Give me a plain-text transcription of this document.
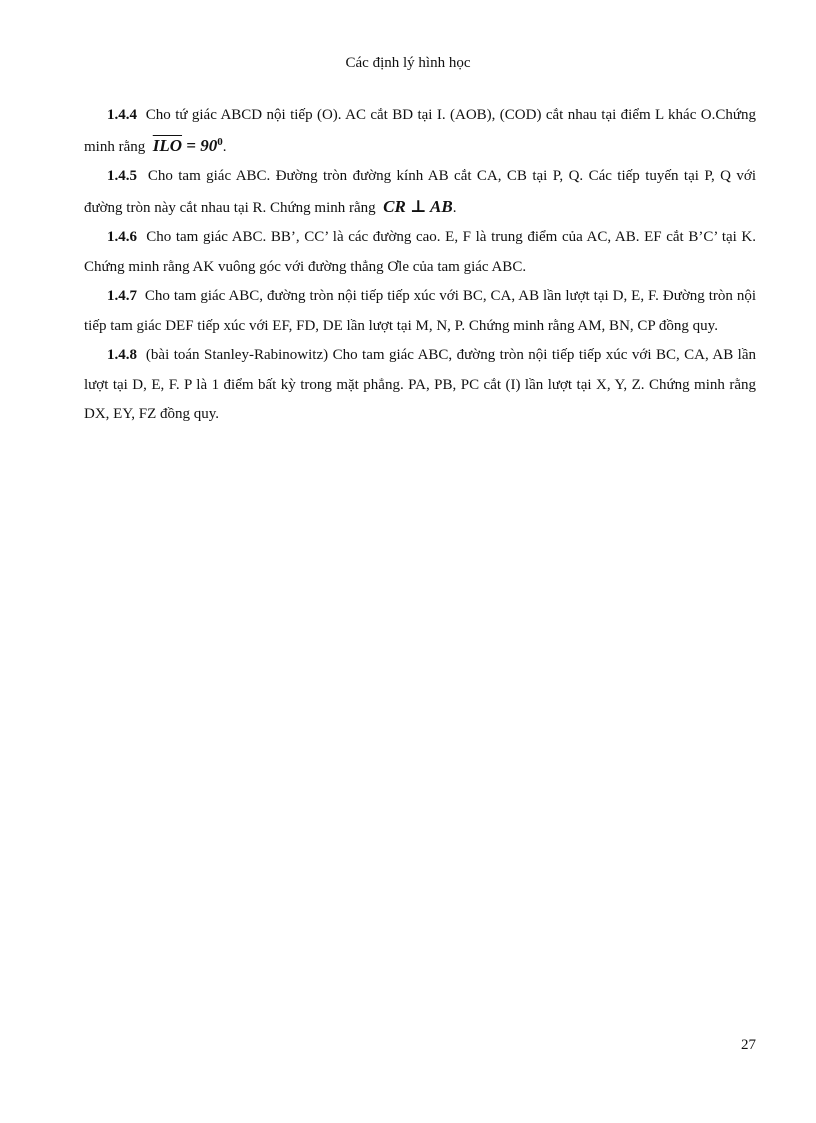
Các định lý hình học

1.4.4 Cho tứ giác ABCD nội tiếp (O). AC cắt BD tại I. (AOB), (COD) cắt nhau tại điểm L khác O.Chứng minh rằng $\overline{ILO} = 90^0$.

1.4.5 Cho tam giác ABC. Đường tròn đường kính AB cắt CA, CB tại P, Q. Các tiếp tuyến tại P, Q với đường tròn này cắt nhau tại R. Chứng minh rằng CR ⊥ AB.

1.4.6 Cho tam giác ABC. BB’, CC’ là các đường cao. E, F là trung điểm của AC, AB. EF cắt B’C’ tại K. Chứng minh rằng AK vuông góc với đường thẳng Ơle của tam giác ABC.

1.4.7 Cho tam giác ABC, đường tròn nội tiếp tiếp xúc với BC, CA, AB lần lượt tại D, E, F. Đường tròn nội tiếp tam giác DEF tiếp xúc với EF, FD, DE lần lượt tại M, N, P. Chứng minh rằng AM, BN, CP đồng quy.

1.4.8 (bài toán Stanley-Rabinowitz) Cho tam giác ABC, đường tròn nội tiếp tiếp xúc với BC, CA, AB lần lượt tại D, E, F. P là 1 điểm bất kỳ trong mặt phẳng. PA, PB, PC cắt (I) lần lượt tại X, Y, Z. Chứng minh rằng DX, EY, FZ đồng quy.

27
